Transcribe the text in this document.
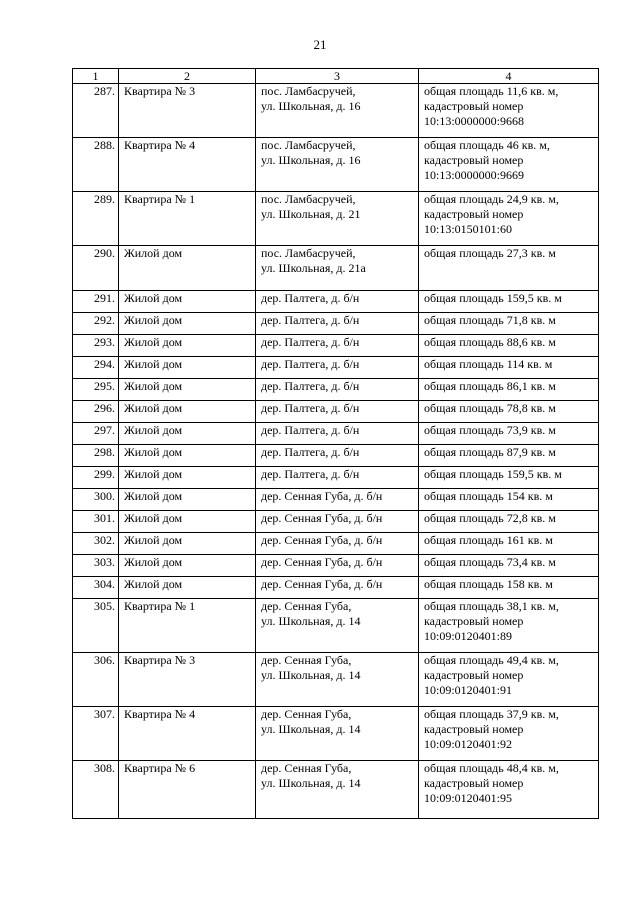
21
1	2	3	4
287.	Квартира № 3	пос. Ламбасручей,
ул. Школьная, д. 16	общая площадь 11,6 кв. м,
кадастровый номер
10:13:0000000:9668

288.	Квартира № 4	пос. Ламбасручей,
ул. Школьная, д. 16	общая площадь 46 кв. м,
кадастровый номер
10:13:0000000:9669

289.	Квартира № 1	пос. Ламбасручей,
ул. Школьная, д. 21	общая площадь 24,9 кв. м,
кадастровый номер
10:13:0150101:60

290.	Жилой дом	пос. Ламбасручей,
ул. Школьная, д. 21а	общая площадь 27,3 кв. м

291.	Жилой дом	дер. Палтега, д. б/н	общая площадь 159,5 кв. м

292.	Жилой дом	дер. Палтега, д. б/н	общая площадь 71,8 кв. м

293.	Жилой дом	дер. Палтега, д. б/н	общая площадь 88,6 кв. м

294.	Жилой дом	дер. Палтега, д. б/н	общая площадь 114 кв. м

295.	Жилой дом	дер. Палтега, д. б/н	общая площадь 86,1 кв. м

296.	Жилой дом	дер. Палтега, д. б/н	общая площадь 78,8 кв. м

297.	Жилой дом	дер. Палтега, д. б/н	общая площадь 73,9 кв. м

298.	Жилой дом	дер. Палтега, д. б/н	общая площадь 87,9 кв. м

299.	Жилой дом	дер. Палтега, д. б/н	общая площадь 159,5 кв. м

300.	Жилой дом	дер. Сенная Губа, д. б/н	общая площадь 154 кв. м

301.	Жилой дом	дер. Сенная Губа, д. б/н	общая площадь 72,8 кв. м

302.	Жилой дом	дер. Сенная Губа, д. б/н	общая площадь 161 кв. м

303.	Жилой дом	дер. Сенная Губа, д. б/н	общая площадь 73,4 кв. м

304.	Жилой дом	дер. Сенная Губа, д. б/н	общая площадь 158 кв. м

305.	Квартира № 1	дер. Сенная Губа,
ул. Школьная, д. 14	общая площадь 38,1 кв. м,
кадастровый номер
10:09:0120401:89

306.	Квартира № 3	дер. Сенная Губа,
ул. Школьная, д. 14	общая площадь 49,4 кв. м,
кадастровый номер
10:09:0120401:91

307.	Квартира № 4	дер. Сенная Губа,
ул. Школьная, д. 14	общая площадь 37,9 кв. м,
кадастровый номер
10:09:0120401:92

308.	Квартира № 6	дер. Сенная Губа,
ул. Школьная, д. 14	общая площадь 48,4 кв. м,
кадастровый номер
10:09:0120401:95
